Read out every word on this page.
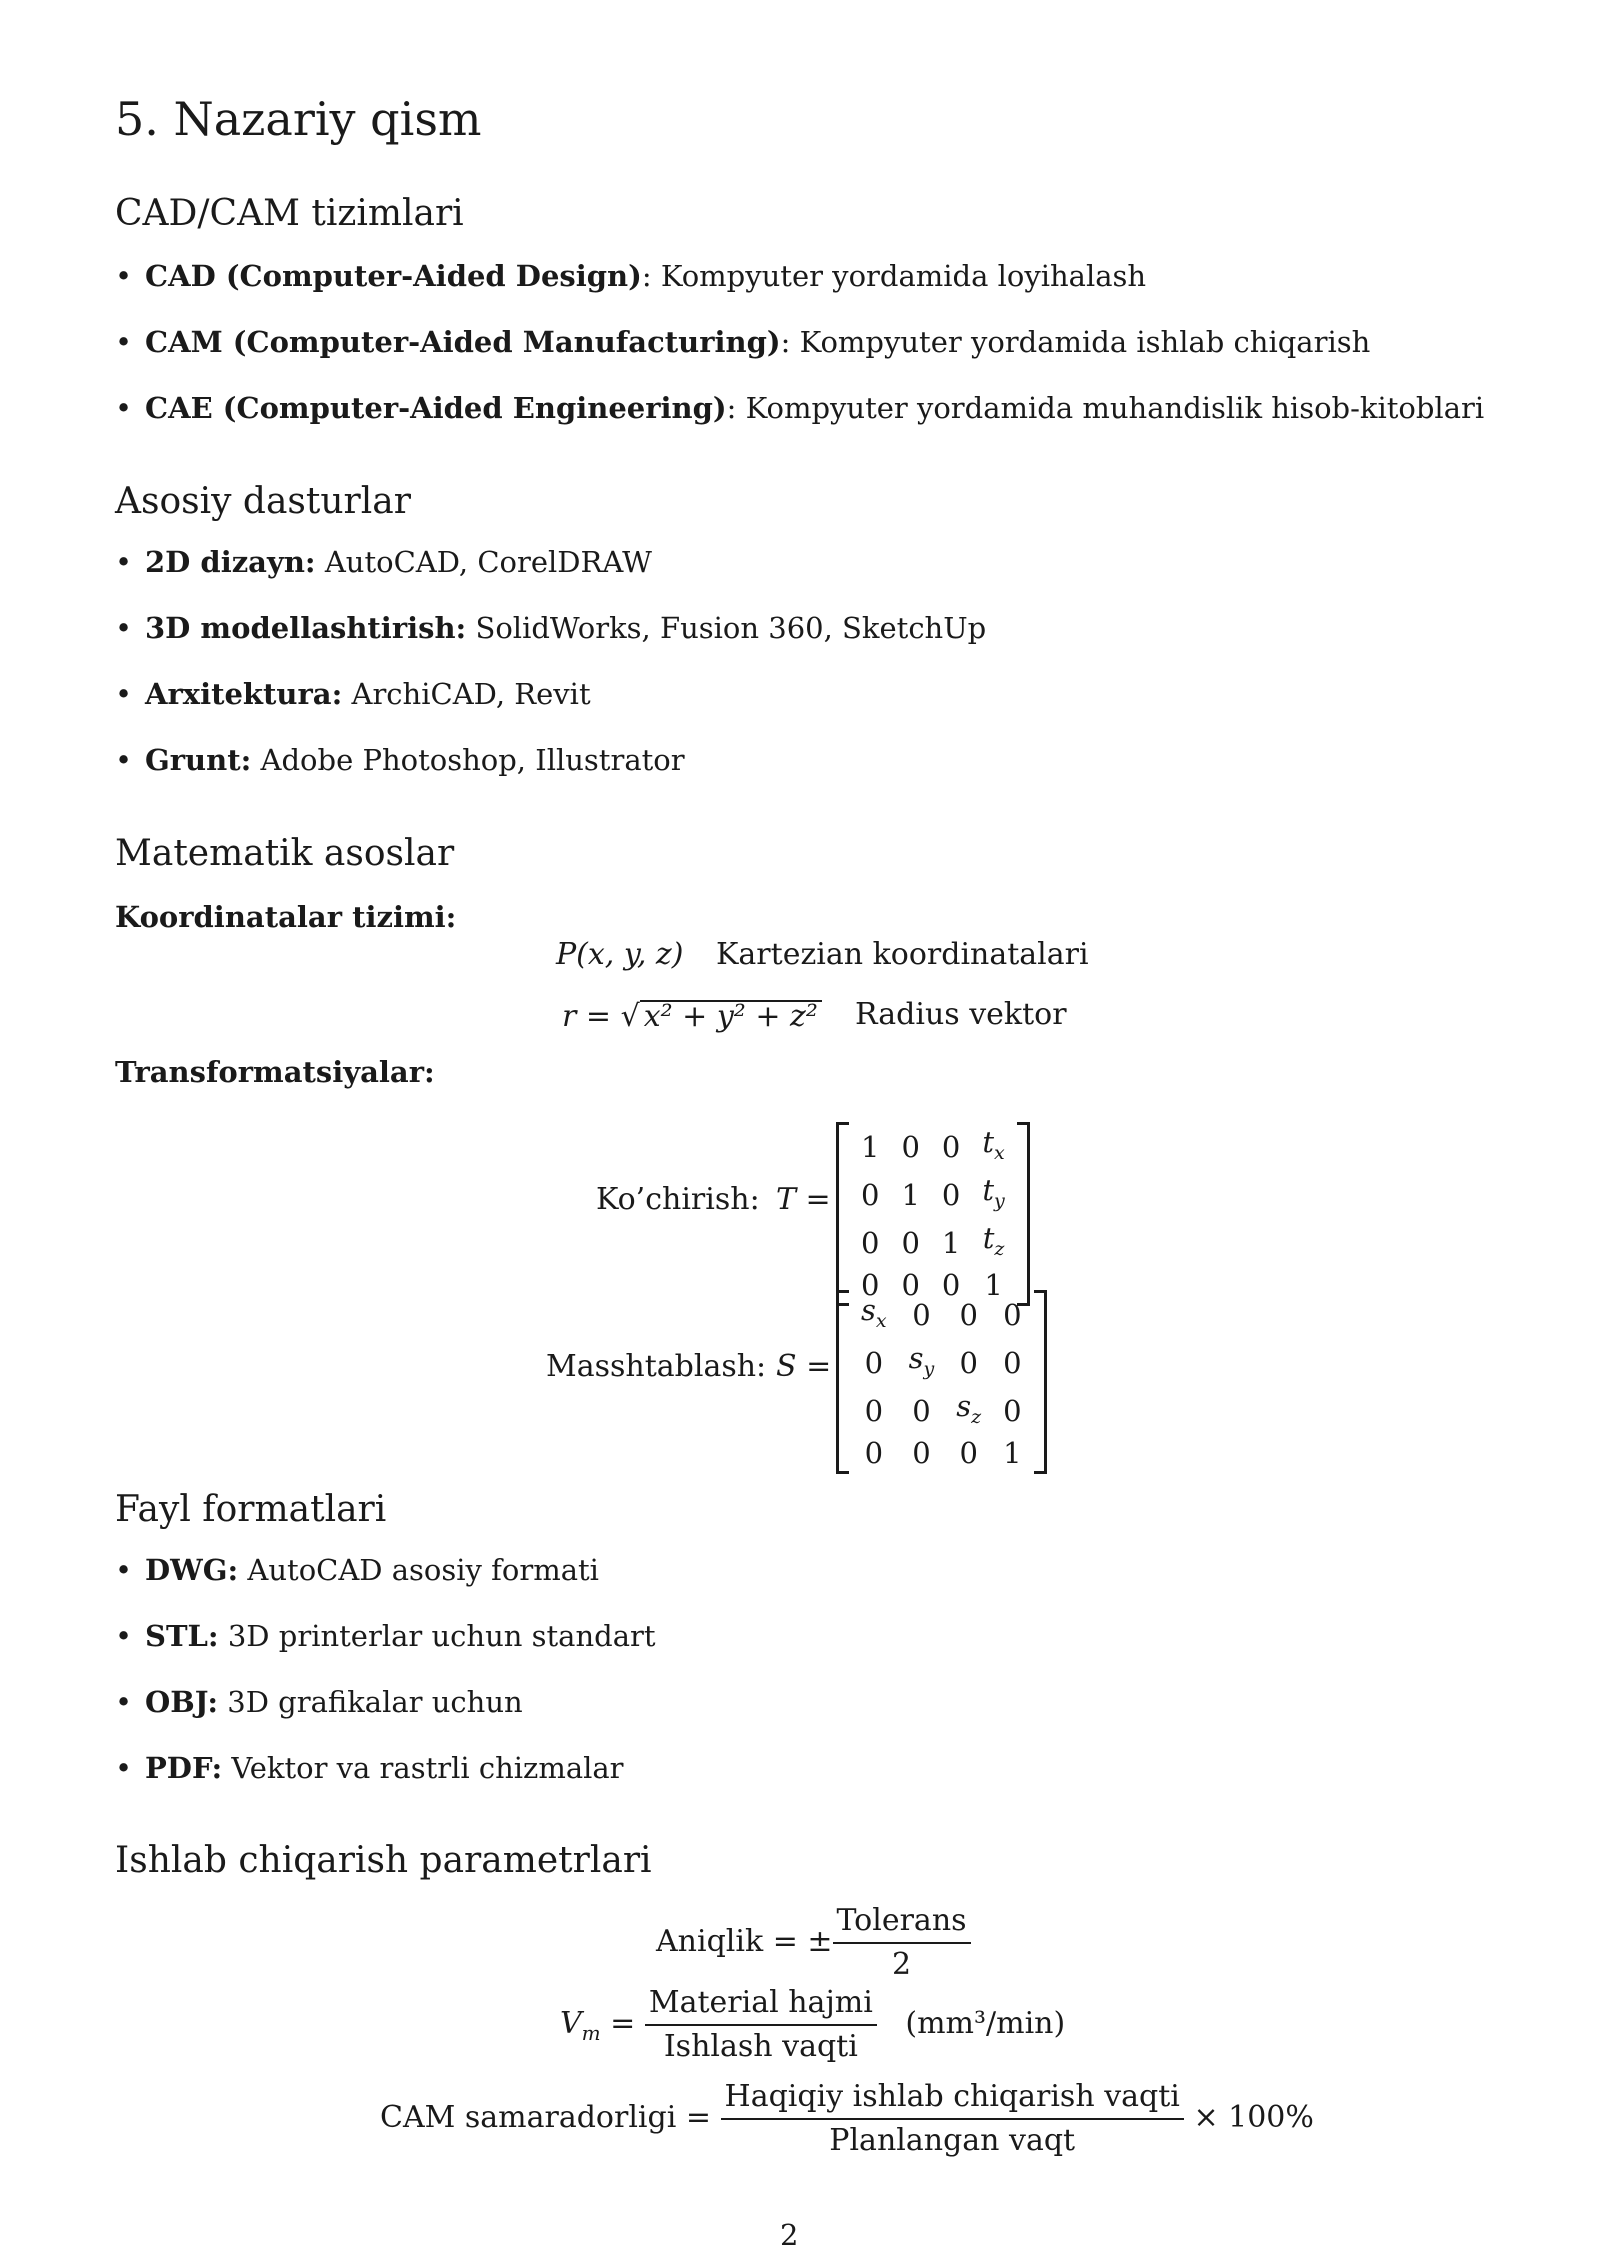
5. Nazariy qism
CAD/CAM tizimlari
• CAD (Computer-Aided Design): Kompyuter yordamida loyihalash
• CAM (Computer-Aided Manufacturing): Kompyuter yordamida ishlab chiqarish
• CAE (Computer-Aided Engineering): Kompyuter yordamida muhandislik hisob-kitoblari
Asosiy dasturlar
• 2D dizayn: AutoCAD, CorelDRAW
• 3D modellashtirish: SolidWorks, Fusion 360, SketchUp
• Arxitektura: ArchiCAD, Revit
• Grunt: Adobe Photoshop, Illustrator
Matematik asoslar
Koordinatalar tizimi:
P(x, y, z) Kartezian koordinatalari
r = √ x² + y² + z² Radius vektor
Transformatsiyalar:
Ko’chirish: T =
1	0	0	$t_x$
0	1	0	$t_y$
0	0	1	$t_z$
0	0	0	1
Masshtablash: S =
$s_x$	0	0	0
0	$s_y$	0	0
0	0	$s_z$	0
0	0	0	1
Fayl formatlari
• DWG: AutoCAD asosiy formati
• STL: 3D printerlar uchun standart
• OBJ: 3D grafikalar uchun
• PDF: Vektor va rastrli chizmalar
Ishlab chiqarish parametrlari
Aniqlik = ± $\frac{\text{Tolerans}}{2}$
$V_m = \frac{\text{Material hajmi}}{\text{Ishlash vaqti}} (mm^3/\min)$
CAM samaradorligi = $\frac{\text{Haqiqiy ishlab chiqarish vaqti}}{\text{Planlangan vaqt}} \times 100\%$
2
